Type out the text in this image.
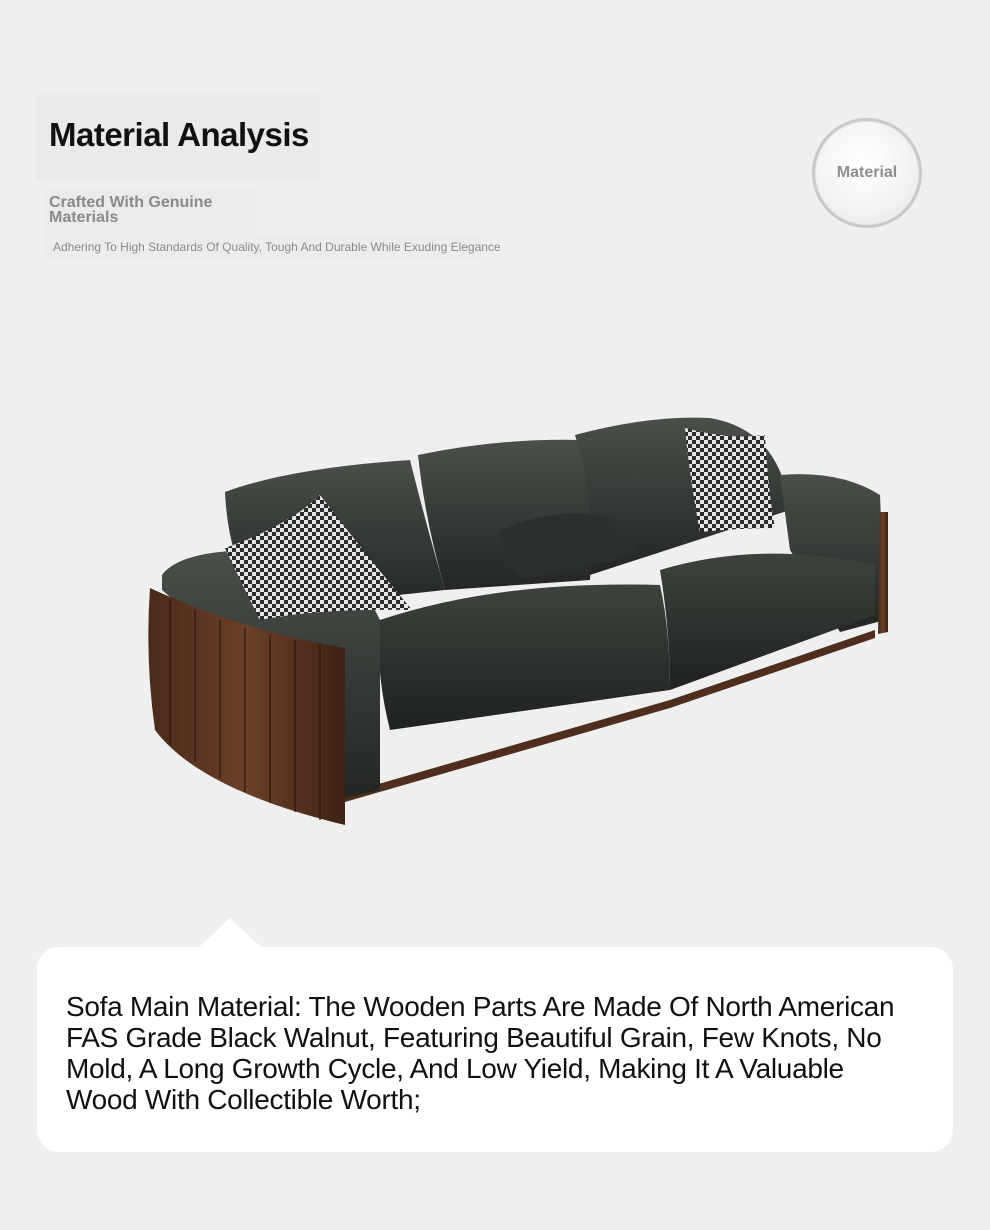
Material Analysis
Crafted With Genuine Materials
Adhering To High Standards Of Quality, Tough And Durable While Exuding Elegance
Material

Sofa Main Material: The Wooden Parts Are Made Of North American FAS Grade Black Walnut, Featuring Beautiful Grain, Few Knots, No Mold, A Long Growth Cycle, And Low Yield, Making It A Valuable Wood With Collectible Worth;
